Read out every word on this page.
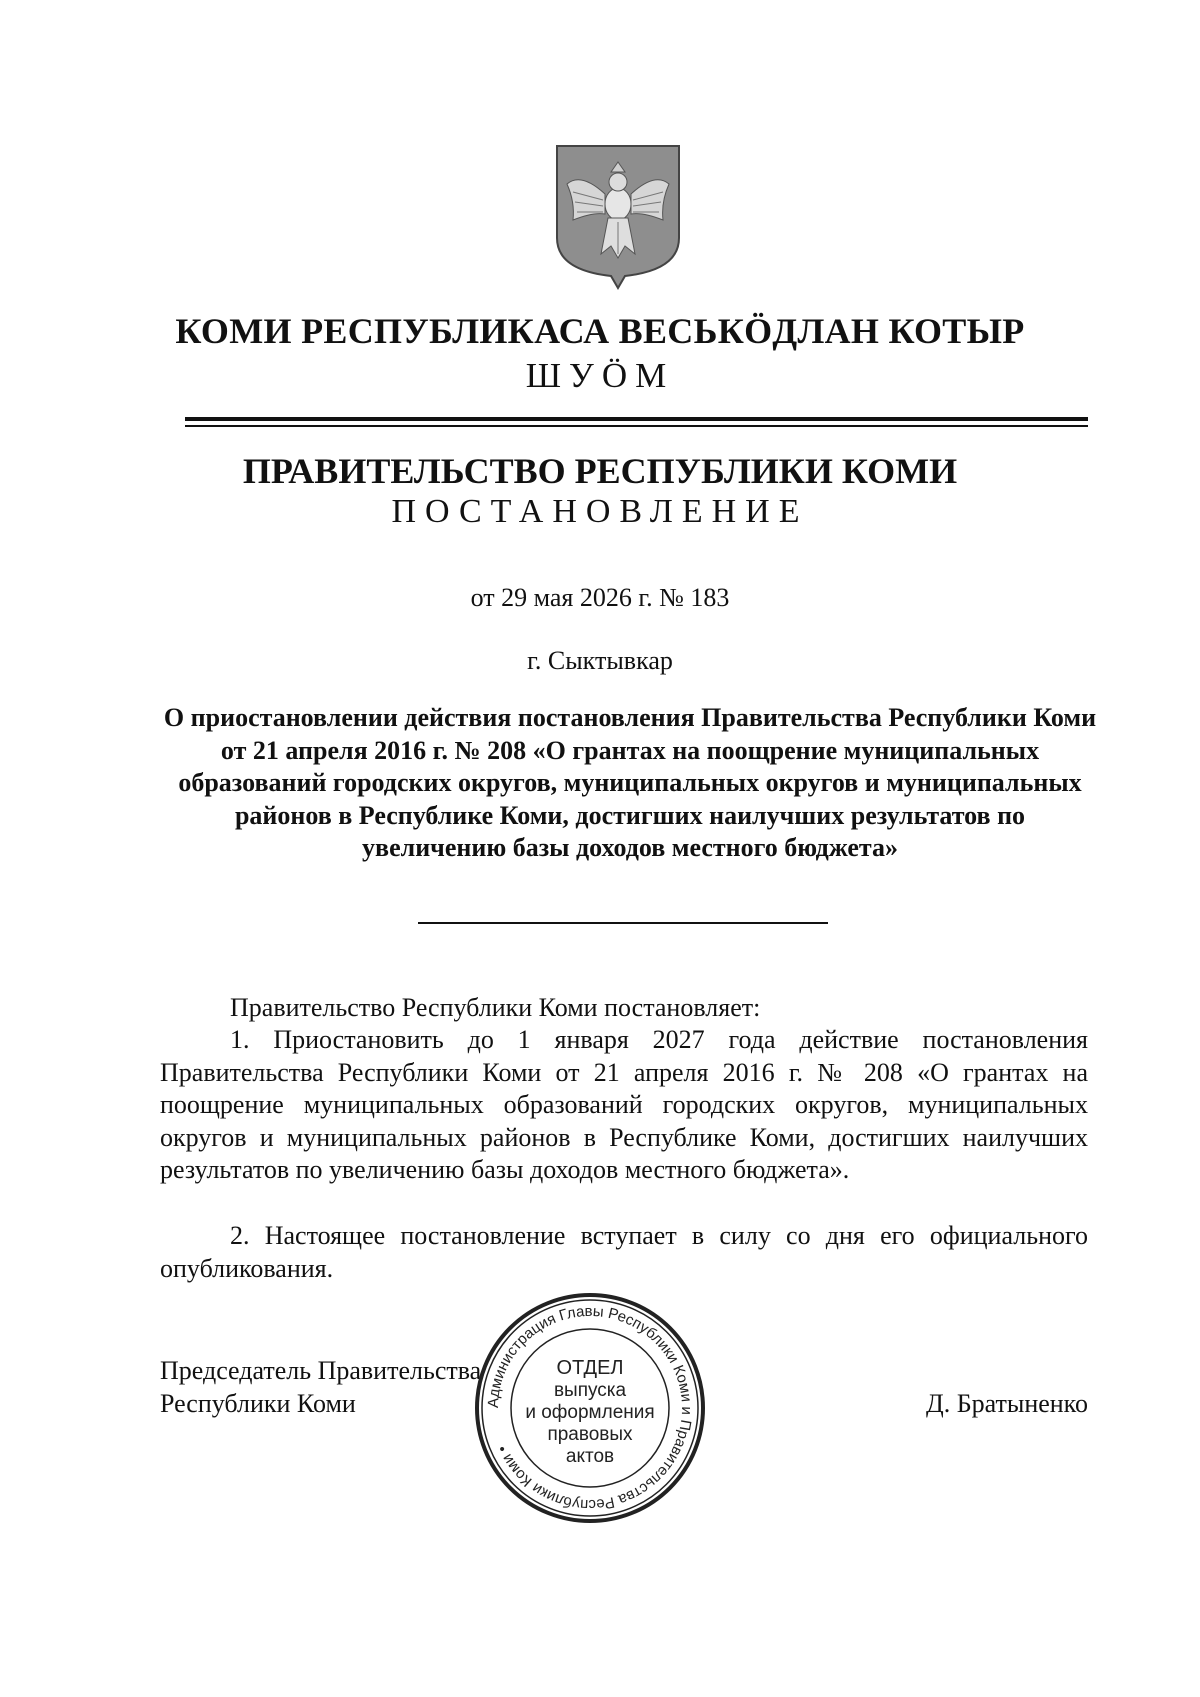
КОМИ РЕСПУБЛИКАСА ВЕСЬКӦДЛАН КОТЫР
ШУӦМ
ПРАВИТЕЛЬСТВО РЕСПУБЛИКИ КОМИ
ПОСТАНОВЛЕНИЕ
от 29 мая 2026 г. № 183
г. Сыктывкар
О приостановлении действия постановления Правительства Республики Коми от 21 апреля 2016 г. № 208 «О грантах на поощрение муниципальных образований городских округов, муниципальных округов и муниципальных районов в Республике Коми, достигших наилучших результатов по увеличению базы доходов местного бюджета»
Правительство Республики Коми постановляет:
1. Приостановить до 1 января 2027 года действие постановления Правительства Республики Коми от 21 апреля 2016 г. № 208 «О грантах на поощрение муниципальных образований городских округов, муниципальных округов и муниципальных районов в Республике Коми, достигших наилучших результатов по увеличению базы доходов местного бюджета».
2. Настоящее постановление вступает в силу со дня его официального опубликования.
Председатель Правительства
Республики Коми	Д. Братыненко
Администрация Главы Республики Коми и Правительства Республики Коми •
ОТДЕЛ
выпуска
и оформления
правовых
актов
